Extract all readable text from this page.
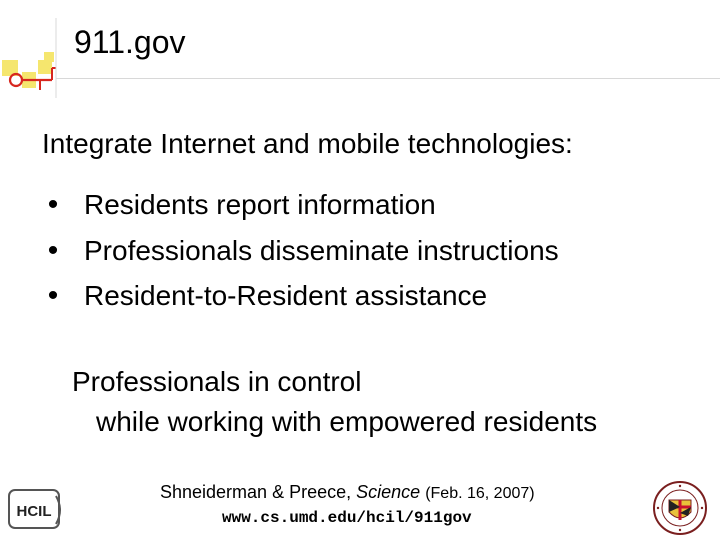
911.gov

Integrate Internet and mobile technologies:

• Residents report information
• Professionals disseminate instructions
• Resident-to-Resident assistance

Professionals in control
while working with empowered residents

HCIL

Shneiderman & Preece, Science (Feb. 16, 2007)

www.cs.umd.edu/hcil/911gov
